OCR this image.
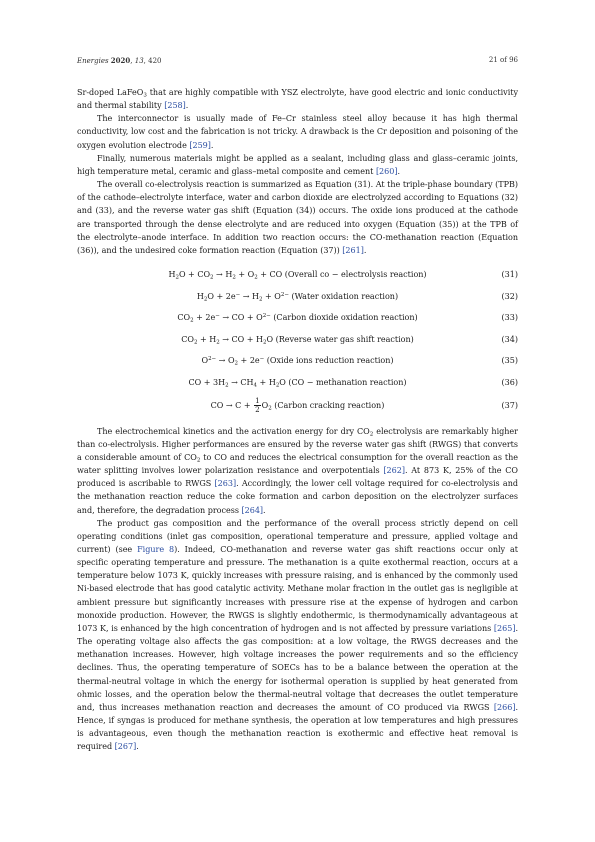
Energies 2020, 13, 420	21 of 96

Sr-doped LaFeO$_3$ that are highly compatible with YSZ electrolyte, have good electric and ionic conductivity and thermal stability [258].

The interconnector is usually made of Fe–Cr stainless steel alloy because it has high thermal conductivity, low cost and the fabrication is not tricky. A drawback is the Cr deposition and poisoning of the oxygen evolution electrode [259].

Finally, numerous materials might be applied as a sealant, including glass and glass–ceramic joints, high temperature metal, ceramic and glass–metal composite and cement [260].

The overall co-electrolysis reaction is summarized as Equation (31). At the triple-phase boundary (TPB) of the cathode–electrolyte interface, water and carbon dioxide are electrolyzed according to Equations (32) and (33), and the reverse water gas shift (Equation (34)) occurs. The oxide ions produced at the cathode are transported through the dense electrolyte and are reduced into oxygen (Equation (35)) at the TPB of the electrolyte–anode interface. In addition two reaction occurs: the CO-methanation reaction (Equation (36)), and the undesired coke formation reaction (Equation (37)) [261].

$H_2O + CO_2 \to H_2 + O_2$ + CO (Overall co − electrolysis reaction)	(31)
$H_2O + 2e^- \to H_2 + O^{2-}$ (Water oxidation reaction)	(32)
$CO_2 + 2e^-$ → CO + $O^{2-}$ (Carbon dioxide oxidation reaction)	(33)
$CO_2 + H_2$ → CO + $H_2O$ (Reverse water gas shift reaction)	(34)
$O^{2-} \to O_2 + 2e^-$ (Oxide ions reduction reaction)	(35)
CO + $3H_2 \to CH_4 + H_2O$ (CO − methanation reaction)	(36)
CO → $C + \frac{1}{2} O_2$ (Carbon cracking reaction)	(37)

The electrochemical kinetics and the activation energy for dry $CO_2$ electrolysis are remarkably higher than co-electrolysis. Higher performances are ensured by the reverse water gas shift (RWGS) that converts a considerable amount of $CO_2$ to CO and reduces the electrical consumption for the overall reaction as the water splitting involves lower polarization resistance and overpotentials [262]. At 873 K, 25% of the CO produced is ascribable to RWGS [263]. Accordingly, the lower cell voltage required for co-electrolysis and the methanation reaction reduce the coke formation and carbon deposition on the electrolyzer surfaces and, therefore, the degradation process [264].

The product gas composition and the performance of the overall process strictly depend on cell operating conditions (inlet gas composition, operational temperature and pressure, applied voltage and current) (see Figure 8). Indeed, CO-methanation and reverse water gas shift reactions occur only at specific operating temperature and pressure. The methanation is a quite exothermal reaction, occurs at a temperature below 1073 K, quickly increases with pressure raising, and is enhanced by the commonly used Ni-based electrode that has good catalytic activity. Methane molar fraction in the outlet gas is negligible at ambient pressure but significantly increases with pressure rise at the expense of hydrogen and carbon monoxide production. However, the RWGS is slightly endothermic, is thermodynamically advantageous at 1073 K, is enhanced by the high concentration of hydrogen and is not affected by pressure variations [265]. The operating voltage also affects the gas composition: at a low voltage, the RWGS decreases and the methanation increases. However, high voltage increases the power requirements and so the efficiency declines. Thus, the operating temperature of SOECs has to be a balance between the operation at the thermal-neutral voltage in which the energy for isothermal operation is supplied by heat generated from ohmic losses, and the operation below the thermal-neutral voltage that decreases the outlet temperature and, thus increases methanation reaction and decreases the amount of CO produced via RWGS [266]. Hence, if syngas is produced for methane synthesis, the operation at low temperatures and high pressures is advantageous, even though the methanation reaction is exothermic and effective heat removal is required [267].
